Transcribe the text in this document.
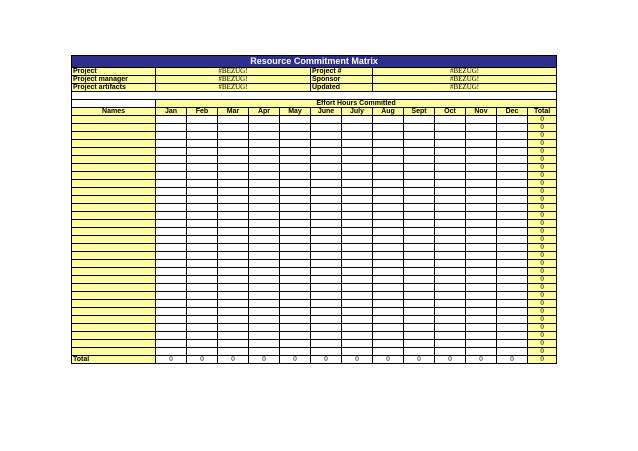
Resource Commitment Matrix													
Project	#BEZUG!					Project #		#BEZUG!					
Project manager	#BEZUG!					Sponsor		#BEZUG!					
Project artifacts	#BEZUG!					Updated		#BEZUG!					

	Effort Hours Committed												
Names	Jan	Feb	Mar	Apr	May	June	July	Aug	Sept	Oct	Nov	Dec	Total
													0
													0
													0
													0
													0
													0
													0
													0
													0
													0
													0
													0
													0
													0
													0
													0
													0
													0
													0
													0
													0
													0
													0
													0
													0
													0
													0
													0
													0
													0
Total	0	0	0	0	0	0	0	0	0	0	0	0	0
